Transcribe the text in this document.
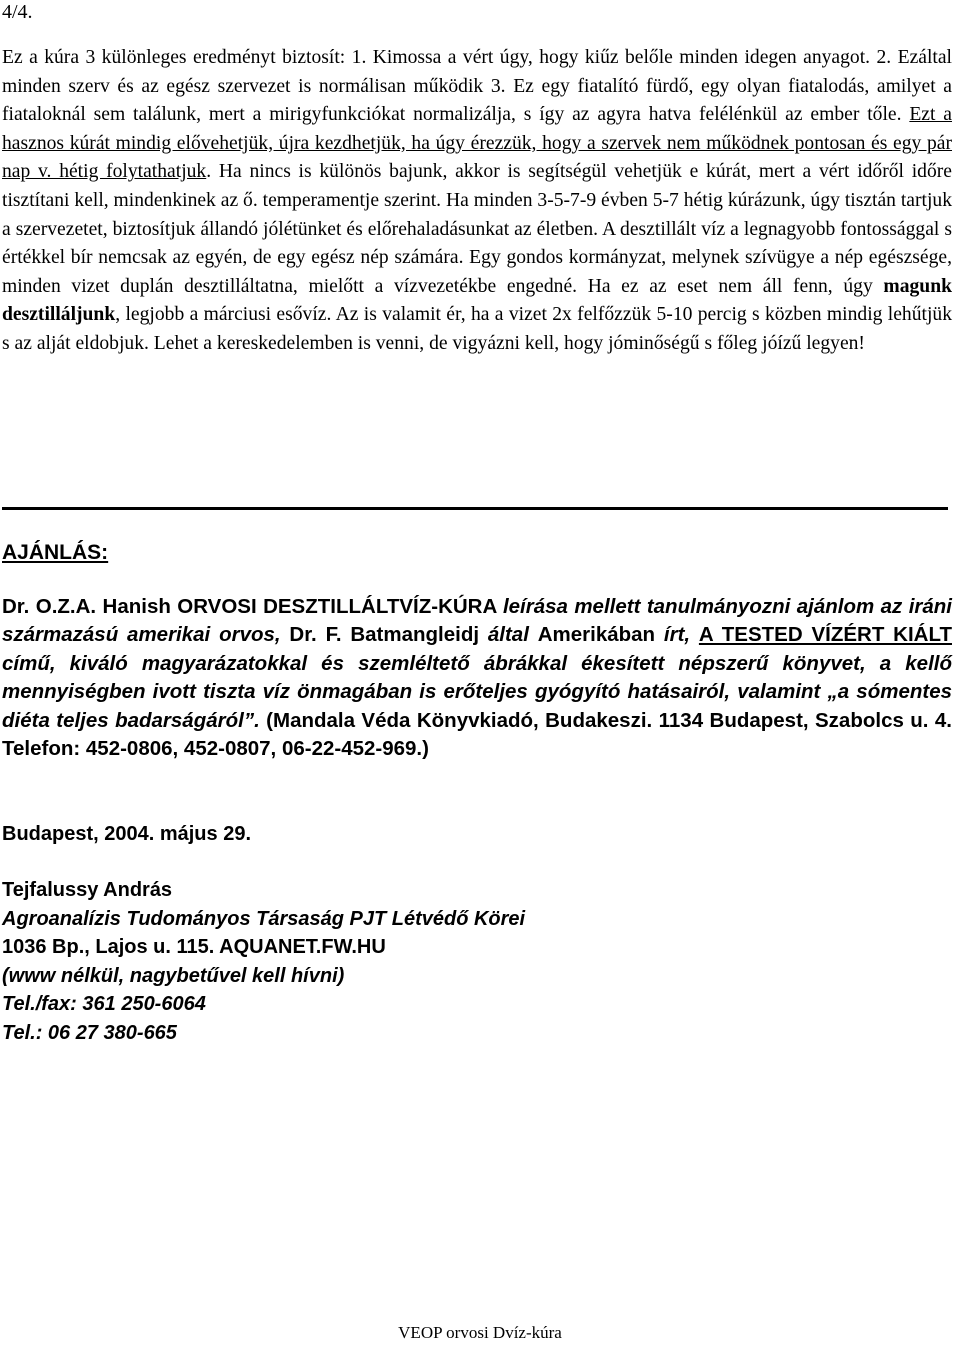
4/4.
Ez a kúra 3 különleges eredményt biztosít: 1. Kimossa a vért úgy, hogy kiűz belőle minden idegen anyagot. 2. Ezáltal minden szerv és az egész szervezet is normálisan működik 3. Ez egy fiatalító fürdő, egy olyan fiatalodás, amilyet a fiataloknál sem találunk, mert a mirigyfunkciókat normalizálja, s így az agyra hatva felélénkül az ember tőle. Ezt a hasznos kúrát mindig elővehetjük, újra kezdhetjük, ha úgy érezzük, hogy a szervek nem működnek pontosan és egy pár nap v. hétig folytathatjuk. Ha nincs is különös bajunk, akkor is segítségül vehetjük e kúrát, mert a vért időről időre tisztítani kell, mindenkinek az ő. temperamentje szerint. Ha minden 3-5-7-9 évben 5-7 hétig kúrázunk, úgy tisztán tartjuk a szervezetet, biztosítjuk állandó jólétünket és előrehaladásunkat az életben. A desztillált víz a legnagyobb fontossággal s értékkel bír nemcsak az egyén, de egy egész nép számára. Egy gondos kormányzat, melynek szívügye a nép egészsége, minden vizet duplán desztilláltatna, mielőtt a vízvezetékbe engedné. Ha ez az eset nem áll fenn, úgy magunk desztilláljunk, legjobb a márciusi esővíz. Az is valamit ér, ha a vizet 2x felfőzzük 5-10 percig s közben mindig lehűtjük s az alját eldobjuk. Lehet a kereskedelemben is venni, de vigyázni kell, hogy jóminőségű s főleg jóízű legyen!
AJÁNLÁS:
Dr. O.Z.A. Hanish ORVOSI DESZTILLÁLTVÍZ-KÚRA leírása mellett tanulmányozni ajánlom az iráni származású amerikai orvos, Dr. F. Batmangleidj által Amerikában írt, A TESTED VÍZÉRT KIÁLT című, kiváló magyarázatokkal és szemléltető ábrákkal ékesített népszerű könyvet, a kellő mennyiségben ivott tiszta víz önmagában is erőteljes gyógyító hatásairól, valamint „a sómentes diéta teljes badarságáról”. (Mandala Véda Könyvkiadó, Budakeszi. 1134 Budapest, Szabolcs u. 4. Telefon: 452-0806, 452-0807, 06-22-452-969.)
Budapest, 2004. május 29.
Tejfalussy András
Agroanalízis Tudományos Társaság PJT Létvédő Körei
1036 Bp., Lajos u. 115. AQUANET.FW.HU
(www nélkül, nagybetűvel kell hívni)
Tel./fax: 361 250-6064
Tel.: 06 27 380-665
VEOP orvosi Dvíz-kúra
